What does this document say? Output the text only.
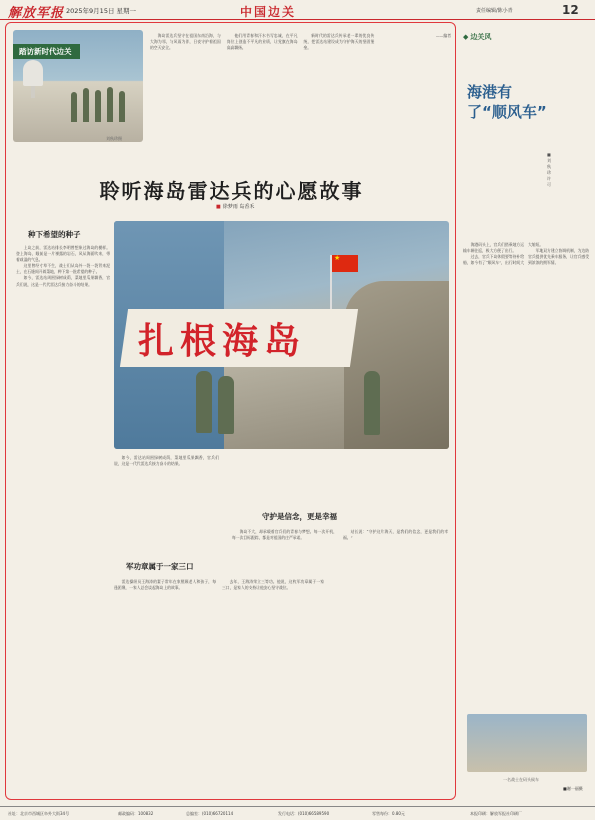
解放军报 2025年9月15日 星期一	中国边关	责任编辑/陈小青	12
踏访新时代边关
刘秋珍摄

海岛雷达兵坚守在祖国东南沿海，与大海为邻，与风雨为伴，日夜守护着祖国的空天安全。

他们用青春和汗水书写忠诚，在平凡岗位上创造不平凡的业绩，让党旗在海岛高高飘扬。

新时代的雷达兵传承老一辈的优良传统，把雷达站建设成为守护海天的坚固堡垒。

——编者

聆听海岛雷达兵的心愿故事
■ 徐梦雨 岛香禾
种下希望的种子

上岛之前，雷达站排长李明曾想象过海岛的模样。登上海岛，眼前是一片裸露的岩石，风从海面吹来，带着咸湿的气息。

这里曾经寸草不生，战士们从岛外一袋一袋背来泥土，在石缝间开辟菜地，种下第一批希望的种子。

如今，雷达站周围绿树成荫，菜地里瓜果飘香，官兵们说，这是一代代雷达兵接力奋斗的结果。

★
扎根海岛

如今，雷达站周围绿树成荫，菜地里瓜果飘香，官兵们说，这是一代代雷达兵接力奋斗的结果。

军功章属于一家三口

雷达操纵员王海涛的妻子常年在家照顾老人和孩子，每逢团聚，一家人总会谈起海岛上的故事。

去年，王海涛荣立三等功。他说，这枚军功章属于一家三口，是家人的支持让他安心坚守战位。

守护是信念，更是幸福

海岛不大，却承载着官兵们的青春与梦想。每一次开机，每一次目标跟踪，都是对祖国的庄严承诺。

站长说：“守护这片海天，是我们的信念，更是我们的幸福。”

◆ 边关风
海港有了“顺风车”
■刘秋珍 许可

海港码头上，官兵们搭乘地方运输车辆往返，极大方便了出行。

过去，官兵下岛休假要等待补给船，如今有了“顺风车”，出行时间大大缩短。

军地双方建立协调机制，为边防官兵提供优先乘车服务，让官兵感受到浓浓的拥军情。

一名战士在码头候车
■谢一丽摄
社址：北京市西城区阜外大街34号	邮政编码：100832	总编室：(010)66720114	发行电话：(010)66589590	零售每份：0.80元	本报印刷：解放军报社印刷厂
